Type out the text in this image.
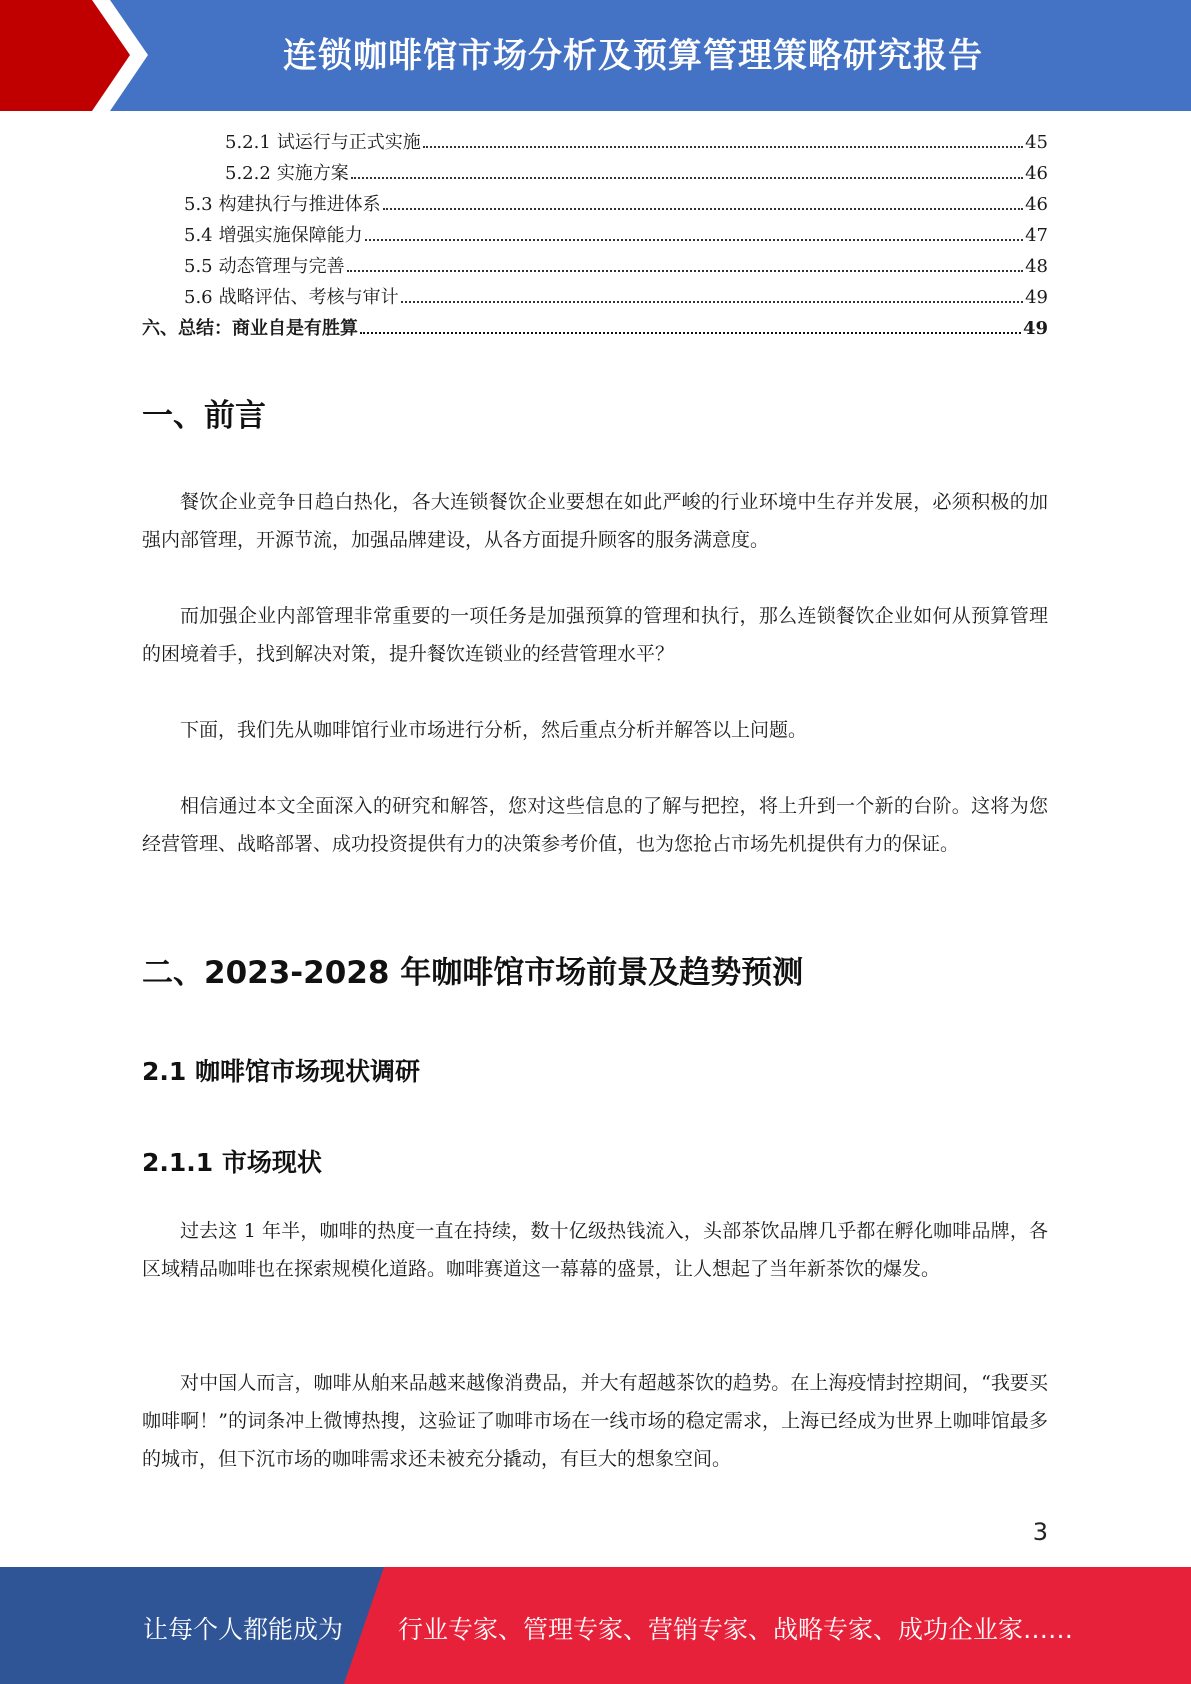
连锁咖啡馆市场分析及预算管理策略研究报告
5.2.1 试运行与正式实施	45
5.2.2 实施方案	46
5.3 构建执行与推进体系	46
5.4 增强实施保障能力	47
5.5 动态管理与完善	48
5.6 战略评估、考核与审计	49
六、总结：商业自是有胜算	49
一、前言

餐饮企业竞争日趋白热化，各大连锁餐饮企业要想在如此严峻的行业环境中生存并发展，必须积极的加强内部管理，开源节流，加强品牌建设，从各方面提升顾客的服务满意度。

而加强企业内部管理非常重要的一项任务是加强预算的管理和执行，那么连锁餐饮企业如何从预算管理的困境着手，找到解决对策，提升餐饮连锁业的经营管理水平？

下面，我们先从咖啡馆行业市场进行分析，然后重点分析并解答以上问题。

相信通过本文全面深入的研究和解答，您对这些信息的了解与把控，将上升到一个新的台阶。这将为您经营管理、战略部署、成功投资提供有力的决策参考价值，也为您抢占市场先机提供有力的保证。

二、2023-2028 年咖啡馆市场前景及趋势预测
2.1 咖啡馆市场现状调研
2.1.1 市场现状

过去这 1 年半，咖啡的热度一直在持续，数十亿级热钱流入，头部茶饮品牌几乎都在孵化咖啡品牌，各区域精品咖啡也在探索规模化道路。咖啡赛道这一幕幕的盛景，让人想起了当年新茶饮的爆发。

对中国人而言，咖啡从舶来品越来越像消费品，并大有超越茶饮的趋势。在上海疫情封控期间，“我要买咖啡啊！”的词条冲上微博热搜，这验证了咖啡市场在一线市场的稳定需求，上海已经成为世界上咖啡馆最多的城市，但下沉市场的咖啡需求还未被充分撬动，有巨大的想象空间。

3
让每个人都能成为 行业专家、管理专家、营销专家、战略专家、成功企业家……
